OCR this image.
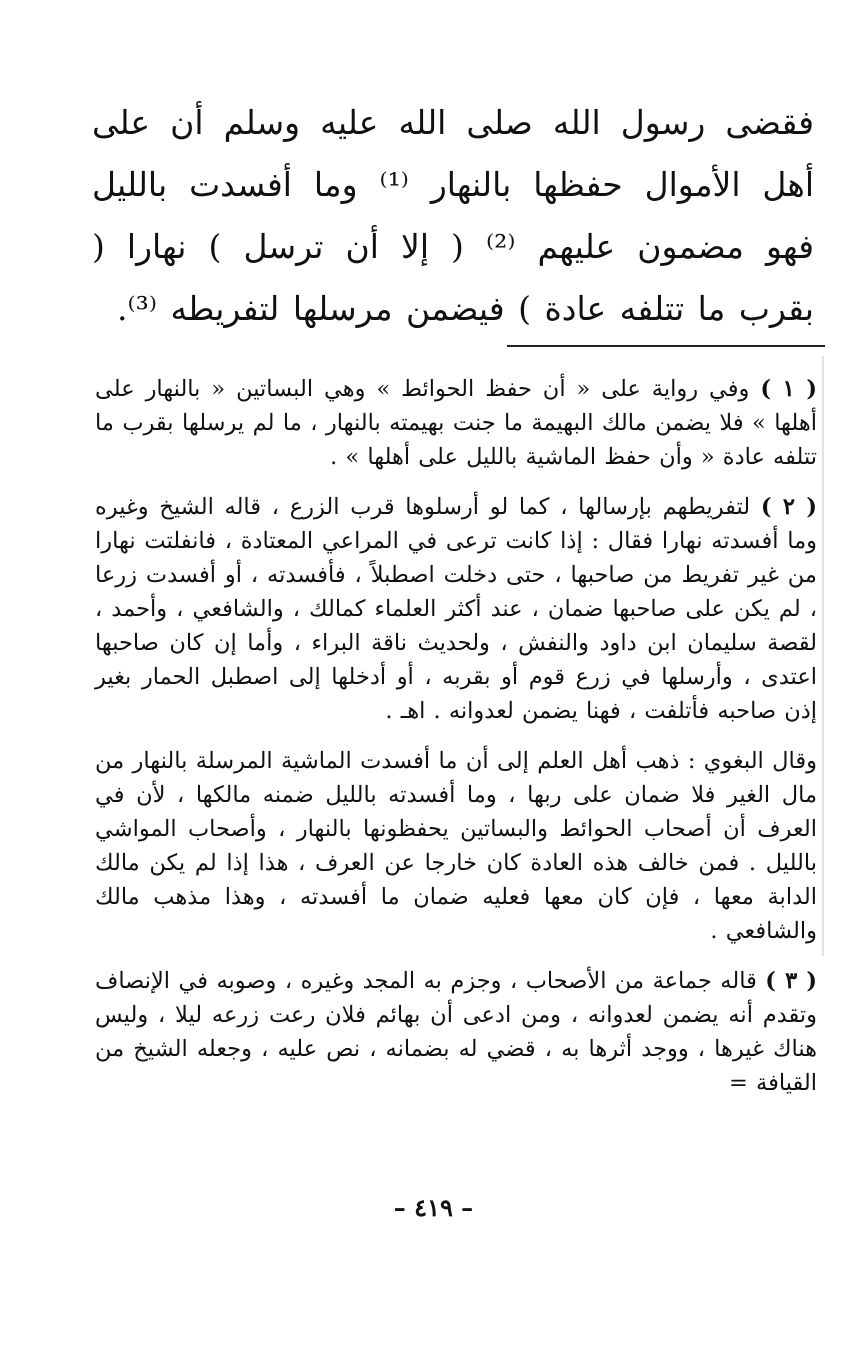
فقضى رسول الله صلى الله عليه وسلم أن على أهل الأموال حفظها بالنهار ⁽¹⁾ وما أفسدت بالليل فهو مضمون عليهم ⁽²⁾ ( إلا أن ترسل ) نهارا ( بقرب ما تتلفه عادة ) فيضمن مرسلها لتفريطه ⁽³⁾.

( ١ ) وفي رواية على « أن حفظ الحوائط » وهي البساتين « بالنهار على أهلها » فلا يضمن مالك البهيمة ما جنت بهيمته بالنهار ، ما لم يرسلها بقرب ما تتلفه عادة « وأن حفظ الماشية بالليل على أهلها » .

( ٢ ) لتفريطهم بإرسالها ، كما لو أرسلوها قرب الزرع ، قاله الشيخ وغيره وما أفسدته نهارا فقال : إذا كانت ترعى في المراعي المعتادة ، فانفلتت نهارا من غير تفريط من صاحبها ، حتى دخلت اصطبلاً ، فأفسدته ، أو أفسدت زرعا ، لم يكن على صاحبها ضمان ، عند أكثر العلماء كمالك ، والشافعي ، وأحمد ، لقصة سليمان ابن داود والنفش ، ولحديث ناقة البراء ، وأما إن كان صاحبها اعتدى ، وأرسلها في زرع قوم أو بقربه ، أو أدخلها إلى اصطبل الحمار بغير إذن صاحبه فأتلفت ، فهنا يضمن لعدوانه . اهـ .

وقال البغوي : ذهب أهل العلم إلى أن ما أفسدت الماشية المرسلة بالنهار من مال الغير فلا ضمان على ربها ، وما أفسدته بالليل ضمنه مالكها ، لأن في العرف أن أصحاب الحوائط والبساتين يحفظونها بالنهار ، وأصحاب المواشي بالليل . فمن خالف هذه العادة كان خارجا عن العرف ، هذا إذا لم يكن مالك الدابة معها ، فإن كان معها فعليه ضمان ما أفسدته ، وهذا مذهب مالك والشافعي .

( ٣ ) قاله جماعة من الأصحاب ، وجزم به المجد وغيره ، وصوبه في الإنصاف وتقدم أنه يضمن لعدوانه ، ومن ادعى أن بهائم فلان رعت زرعه ليلا ، وليس هناك غيرها ، ووجد أثرها به ، قضي له بضمانه ، نص عليه ، وجعله الشيخ من القيافة =

– ٤١٩ –
